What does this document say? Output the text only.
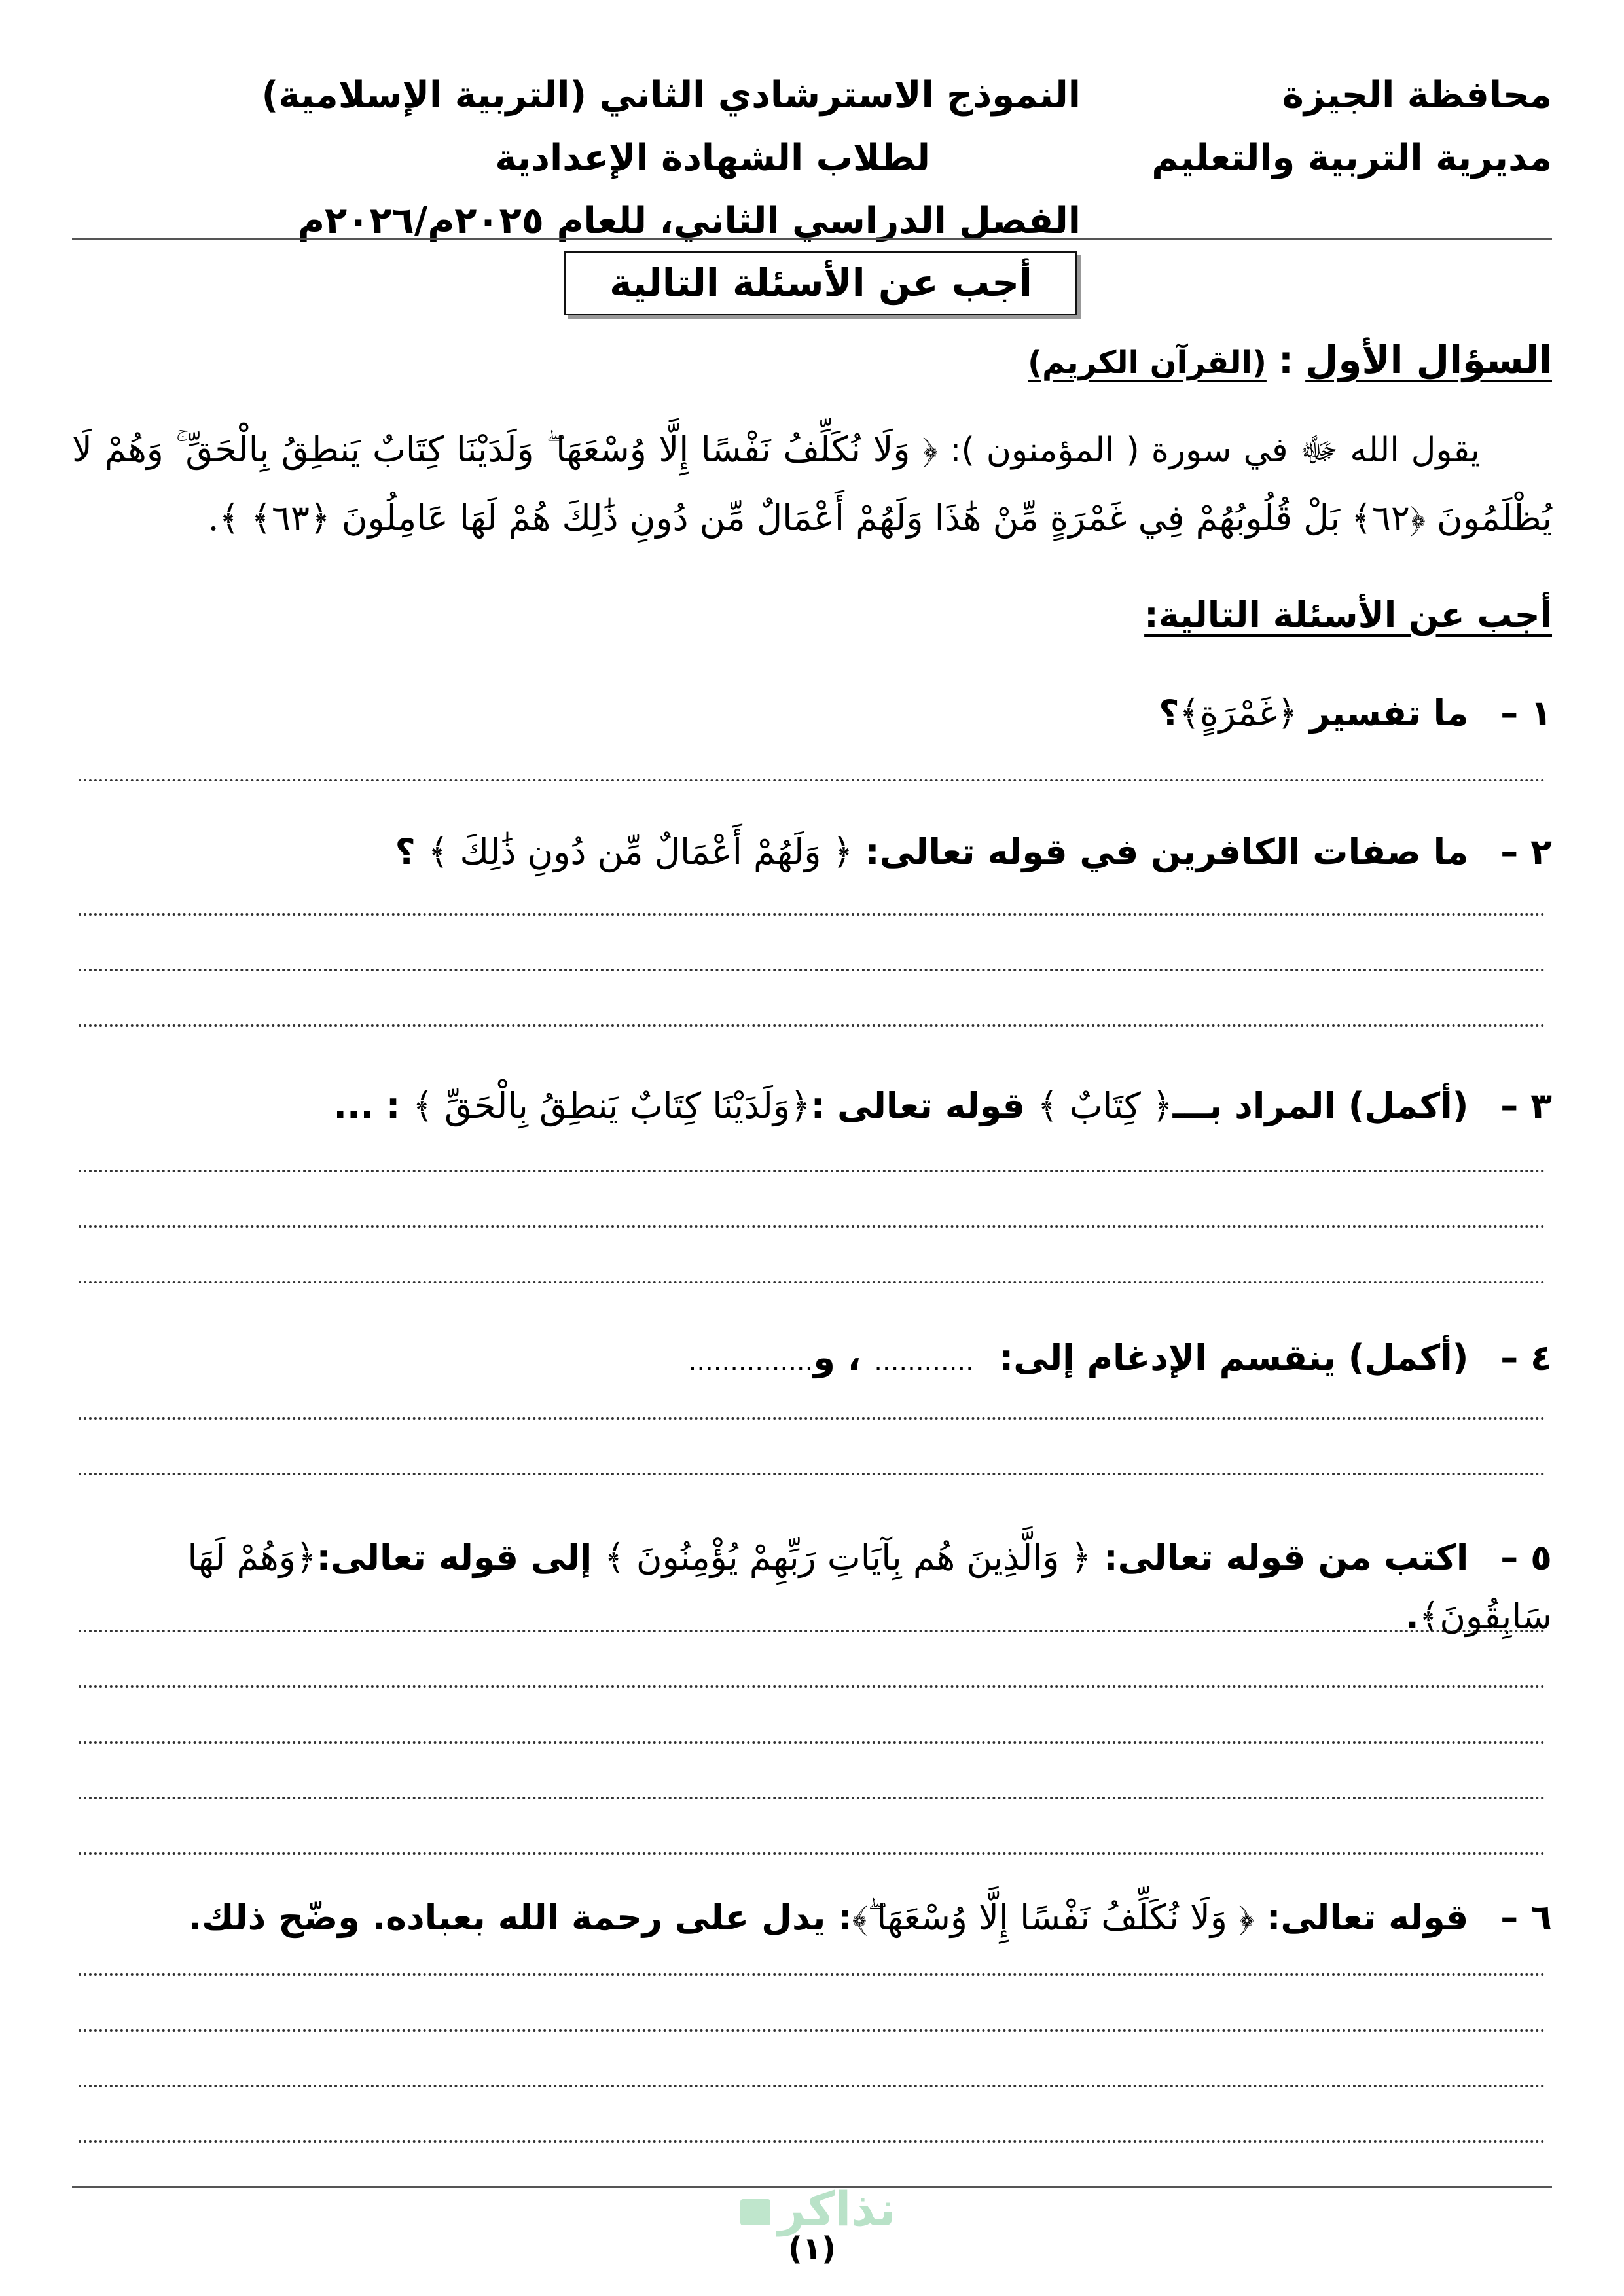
محافظة الجيزة
مديرية التربية والتعليم
النموذج الاسترشادي الثاني (التربية الإسلامية)
لطلاب الشهادة الإعدادية
الفصل الدراسي الثاني، للعام ٢٠٢٥م/٢٠٢٦م
أجب عن الأسئلة التالية
السؤال الأول:(القرآن الكريم)
يقول الله ﷻ في سورة ( المؤمنون ): ﴿ وَلَا نُكَلِّفُ نَفْسًا إِلَّا وُسْعَهَا ۖ وَلَدَيْنَا كِتَابٌ يَنطِقُ بِالْحَقِّ ۚ وَهُمْ لَا يُظْلَمُونَ ﴿٦٢﴾ بَلْ قُلُوبُهُمْ فِي غَمْرَةٍ مِّنْ هَٰذَا وَلَهُمْ أَعْمَالٌ مِّن دُونِ ذَٰلِكَ هُمْ لَهَا عَامِلُونَ ﴿٦٣﴾ ﴾.
أجب عن الأسئلة التالية:
١ – ما تفسير ﴿غَمْرَةٍ﴾؟
٢ – ما صفات الكافرين في قوله تعالى: ﴿ وَلَهُمْ أَعْمَالٌ مِّن دُونِ ذَٰلِكَ ﴾ ؟
٣ – (أكمل) المراد بـــ﴿ كِتَابٌ ﴾ قوله تعالى :﴿وَلَدَيْنَا كِتَابٌ يَنطِقُ بِالْحَقِّ ﴾ : ...
٤ – (أكمل) ينقسم الإدغام إلى: ............، و...............
٥ – اكتب من قوله تعالى: ﴿ وَالَّذِينَ هُم بِآيَاتِ رَبِّهِمْ يُؤْمِنُونَ ﴾ إلى قوله تعالى:﴿وَهُمْ لَهَا سَابِقُونَ﴾.
٦ – قوله تعالى: ﴿ وَلَا نُكَلِّفُ نَفْسًا إِلَّا وُسْعَهَا ۖ﴾: يدل على رحمة الله بعباده. وضّح ذلك.
نذاكر
(١)
